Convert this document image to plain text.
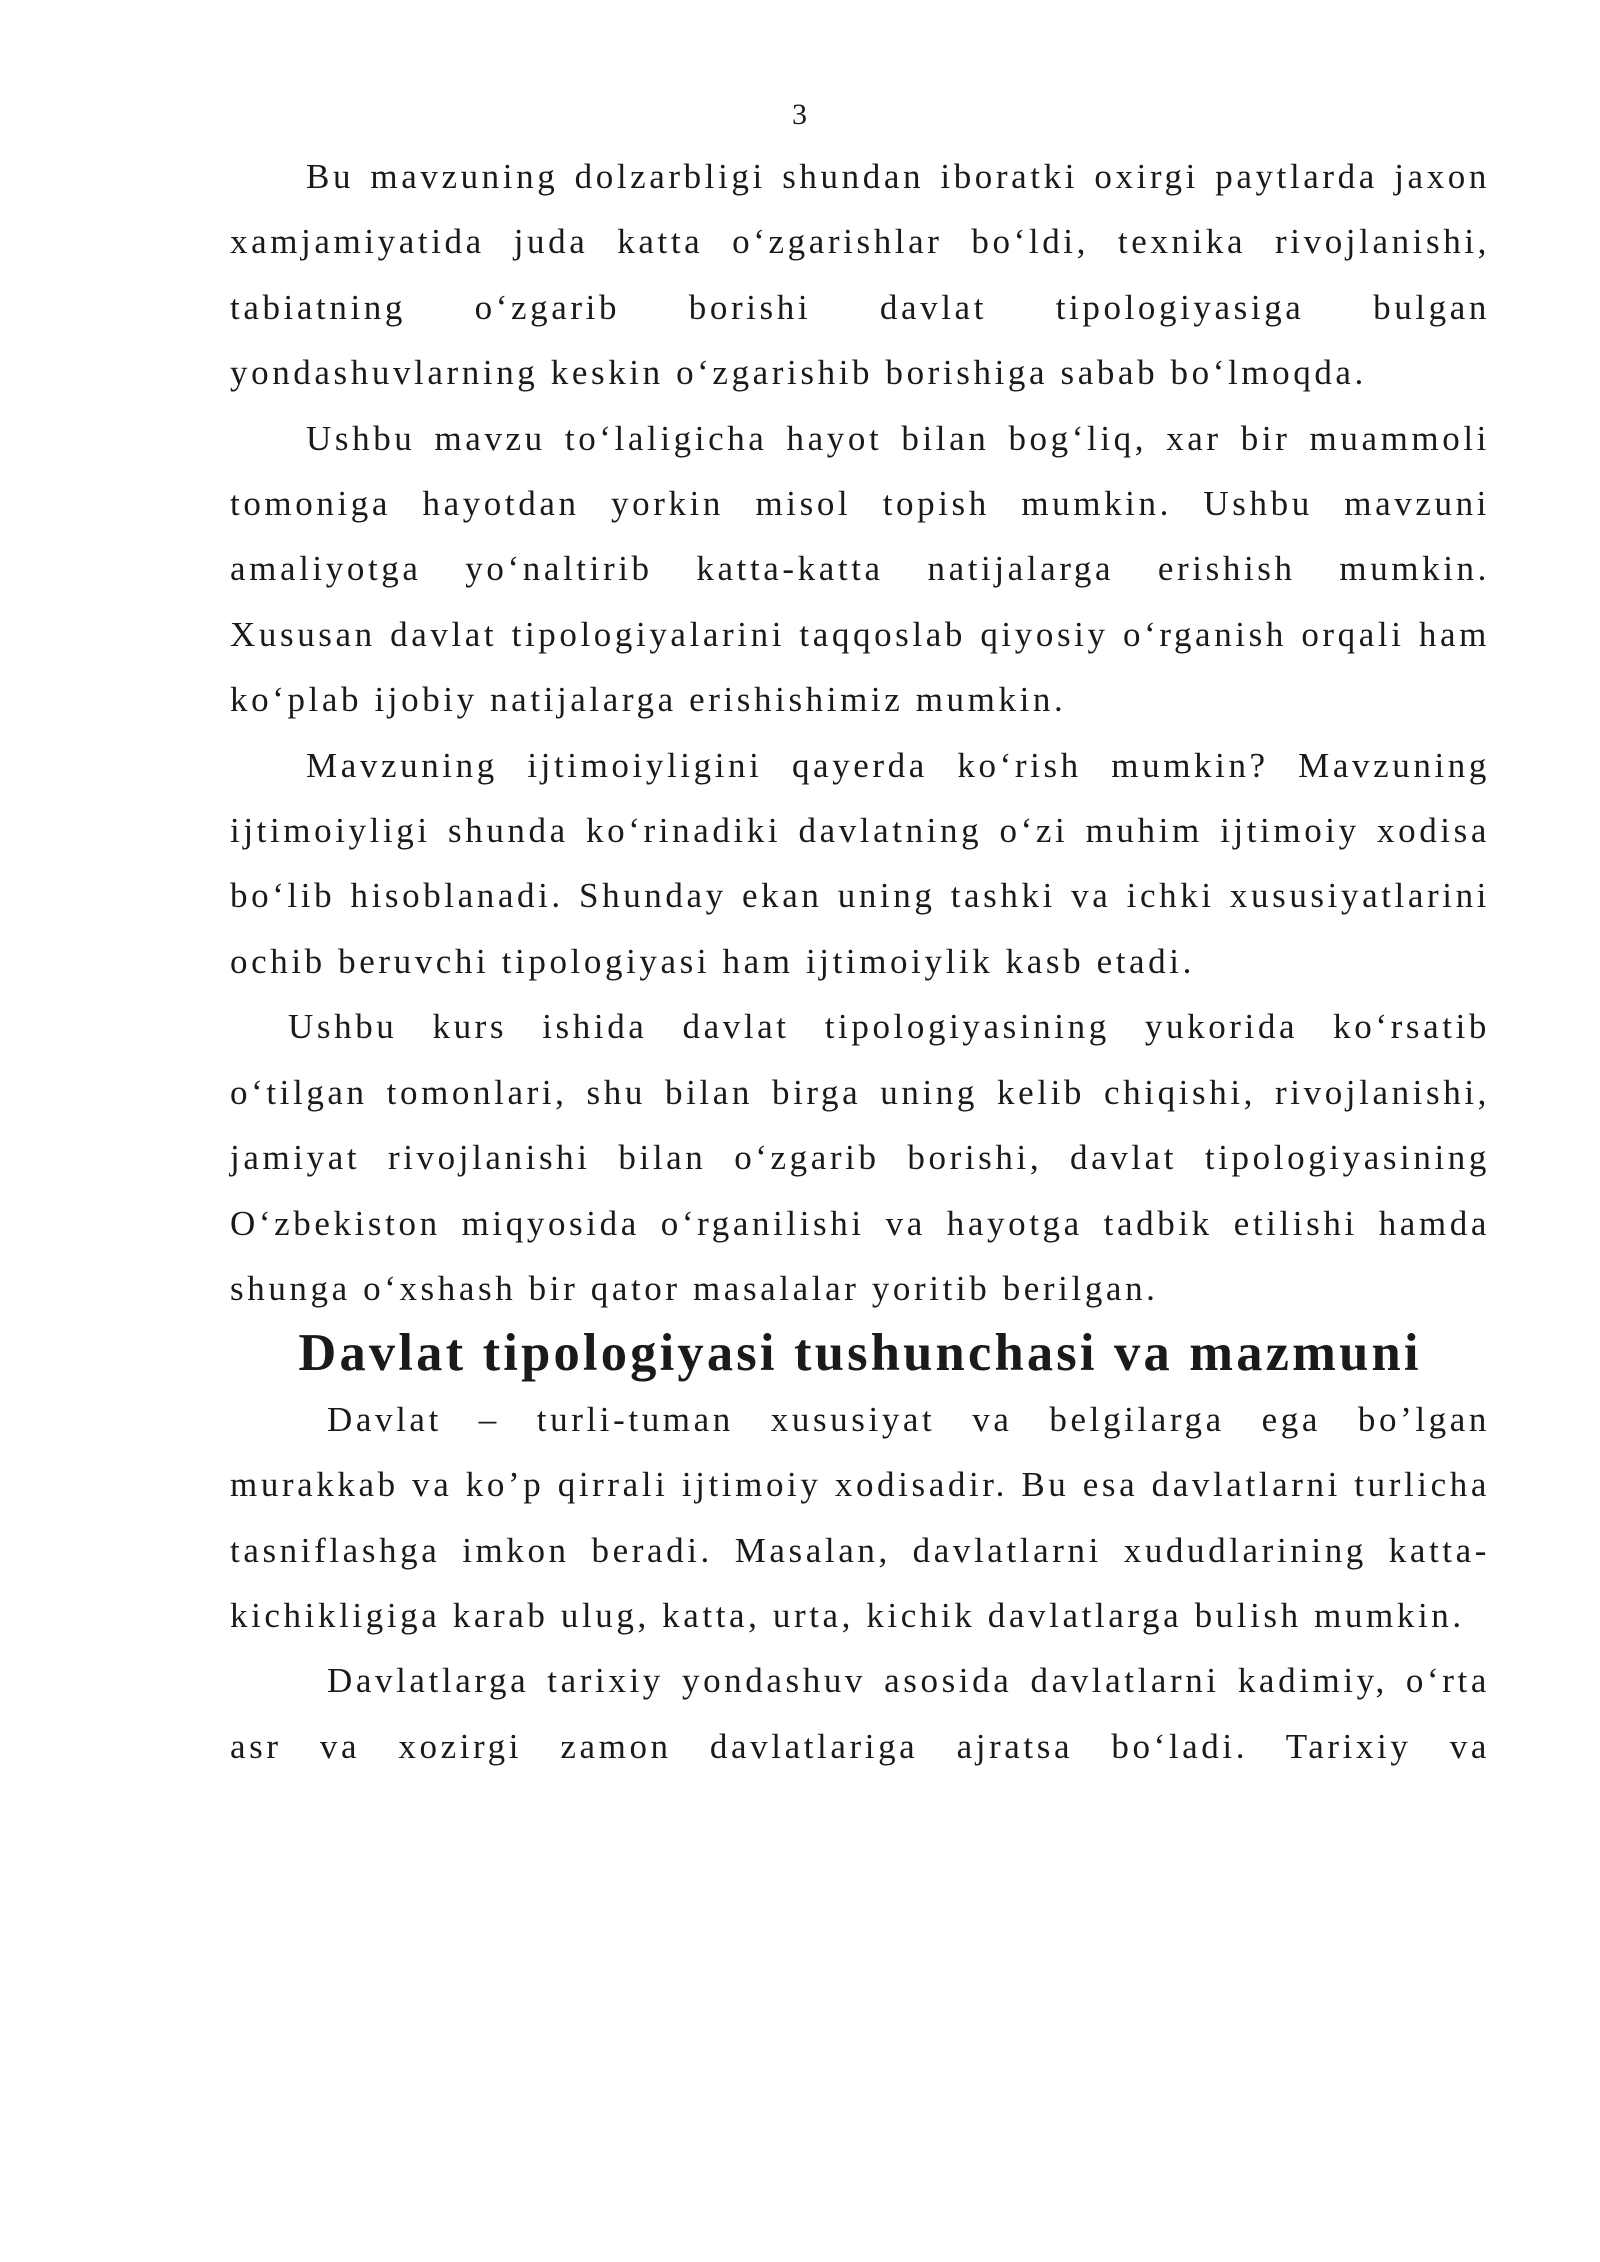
3

Bu mavzuning dolzarbligi shundan iboratki oxirgi paytlarda jaxon xamjamiyatida juda katta o‘zgarishlar bo‘ldi, texnika rivojlanishi, tabiatning o‘zgarib borishi davlat tipologiyasiga bulgan yondashuvlarning keskin o‘zgarishib borishiga sabab bo‘lmoqda.

Ushbu mavzu to‘laligicha hayot bilan bog‘liq, xar bir muammoli tomoniga hayotdan yorkin misol topish mumkin. Ushbu mavzuni amaliyotga yo‘naltirib katta-katta natijalarga erishish mumkin. Xususan davlat tipologiyalarini taqqoslab qiyosiy o‘rganish orqali ham ko‘plab ijobiy natijalarga erishishimiz mumkin.

Mavzuning ijtimoiyligini qayerda ko‘rish mumkin? Mavzuning ijtimoiyligi shunda ko‘rinadiki davlatning o‘zi muhim ijtimoiy xodisa bo‘lib hisoblanadi. Shunday ekan uning tashki va ichki xususiyatlarini ochib beruvchi tipologiyasi ham ijtimoiylik kasb etadi.

Ushbu kurs ishida davlat tipologiyasining yukorida ko‘rsatib o‘tilgan tomonlari, shu bilan birga uning kelib chiqishi, rivojlanishi, jamiyat rivojlanishi bilan o‘zgarib borishi, davlat tipologiyasining O‘zbekiston miqyosida o‘rganilishi va hayotga tadbik etilishi hamda shunga o‘xshash bir qator masalalar yoritib berilgan.

Davlat tipologiyasi tushunchasi va mazmuni

Davlat – turli-tuman xususiyat va belgilarga ega bo’lgan murakkab va ko’p qirrali ijtimoiy xodisadir. Bu esa davlatlarni turlicha tasniflashga imkon beradi. Masalan, davlatlarni xududlarining katta-kichikligiga karab ulug, katta, urta, kichik davlatlarga bulish mumkin.

Davlatlarga tarixiy yondashuv asosida davlatlarni kadimiy, o‘rta asr va xozirgi zamon davlatlariga ajratsa bo‘ladi. Tarixiy va
